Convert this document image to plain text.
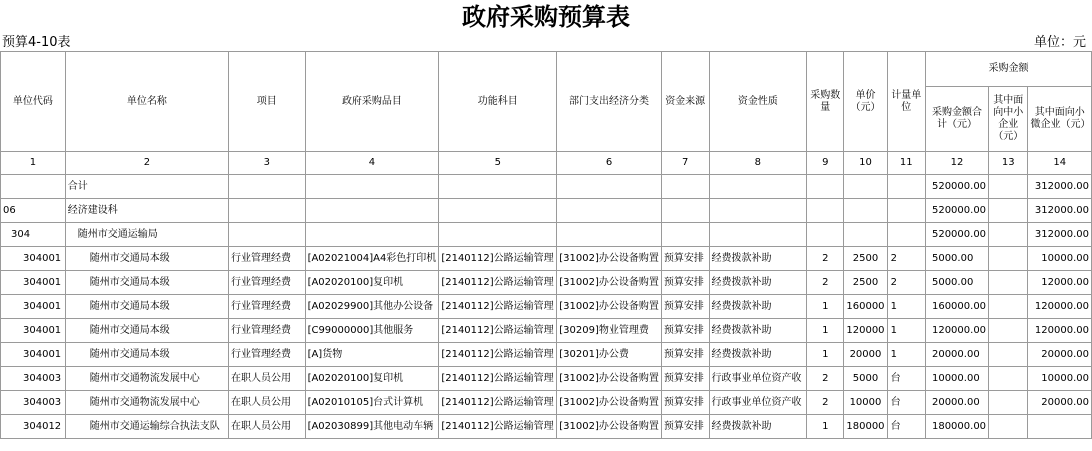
政府采购预算表
预算4-10表	单位：元
单位代码	单位名称	项目	政府采购品目	功能科目	部门支出经济分类	资金来源	资金性质	采购数量	单价（元）	计量单位	采购金额		
											采购金额合计（元）	其中面向中小企业（元）	其中面向小微企业（元）
1	2	3	4	5	6	7	8	9	10	11	12	13	14
	合计										520000.00		312000.00
06	经济建设科										520000.00		312000.00
304	随州市交通运输局										520000.00		312000.00
304001	随州市交通局本级	行业管理经费	[A02021004]A4彩色打印机	[2140112]公路运输管理	[31002]办公设备购置	预算安排	经费拨款补助	2	2500	2	5000.00		10000.00
304001	随州市交通局本级	行业管理经费	[A02020100]复印机	[2140112]公路运输管理	[31002]办公设备购置	预算安排	经费拨款补助	2	2500	2	5000.00		12000.00
304001	随州市交通局本级	行业管理经费	[A02029900]其他办公设备	[2140112]公路运输管理	[31002]办公设备购置	预算安排	经费拨款补助	1	160000	1	160000.00		120000.00
304001	随州市交通局本级	行业管理经费	[C99000000]其他服务	[2140112]公路运输管理	[30209]物业管理费	预算安排	经费拨款补助	1	120000	1	120000.00		120000.00
304001	随州市交通局本级	行业管理经费	[A]货物	[2140112]公路运输管理	[30201]办公费	预算安排	经费拨款补助	1	20000	1	20000.00		20000.00
304003	随州市交通物流发展中心	在职人员公用	[A02020100]复印机	[2140112]公路运输管理	[31002]办公设备购置	预算安排	行政事业单位资产收	2	5000	台	10000.00		10000.00
304003	随州市交通物流发展中心	在职人员公用	[A02010105]台式计算机	[2140112]公路运输管理	[31002]办公设备购置	预算安排	行政事业单位资产收	2	10000	台	20000.00		20000.00
304012	随州市交通运输综合执法支队	在职人员公用	[A02030899]其他电动车辆	[2140112]公路运输管理	[31002]办公设备购置	预算安排	经费拨款补助	1	180000	台	180000.00		
